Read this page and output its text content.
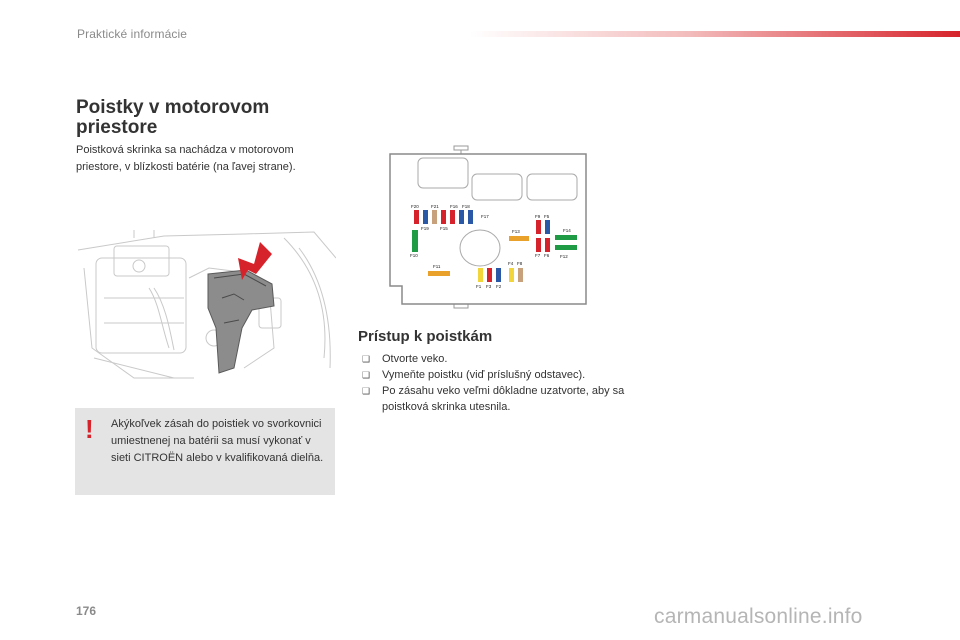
Praktické informácie
Poistky v motorovom priestore
Poistková skrinka sa nachádza v motorovom priestore, v blízkosti batérie (na ľavej strane).
! Akýkoľvek zásah do poistiek vo svorkovnici umiestnenej na batérii sa musí vykonať v sieti CITROËN alebo v kvalifikovaná dielňa.
F20	F21 F16 F18
F17
F19 F15
F10
F13
F9 F5
F14
F7 F6 F12
F11
F4 F8
F1 F3 F2
Prístup k poistkám
❑ Otvorte veko.
❑ Vymeňte poistku (viď príslušný odstavec).
❑ Po zásahu veko veľmi dôkladne uzatvorte, aby sa poistková skrinka utesnila.
176	carmanualsonline.info
